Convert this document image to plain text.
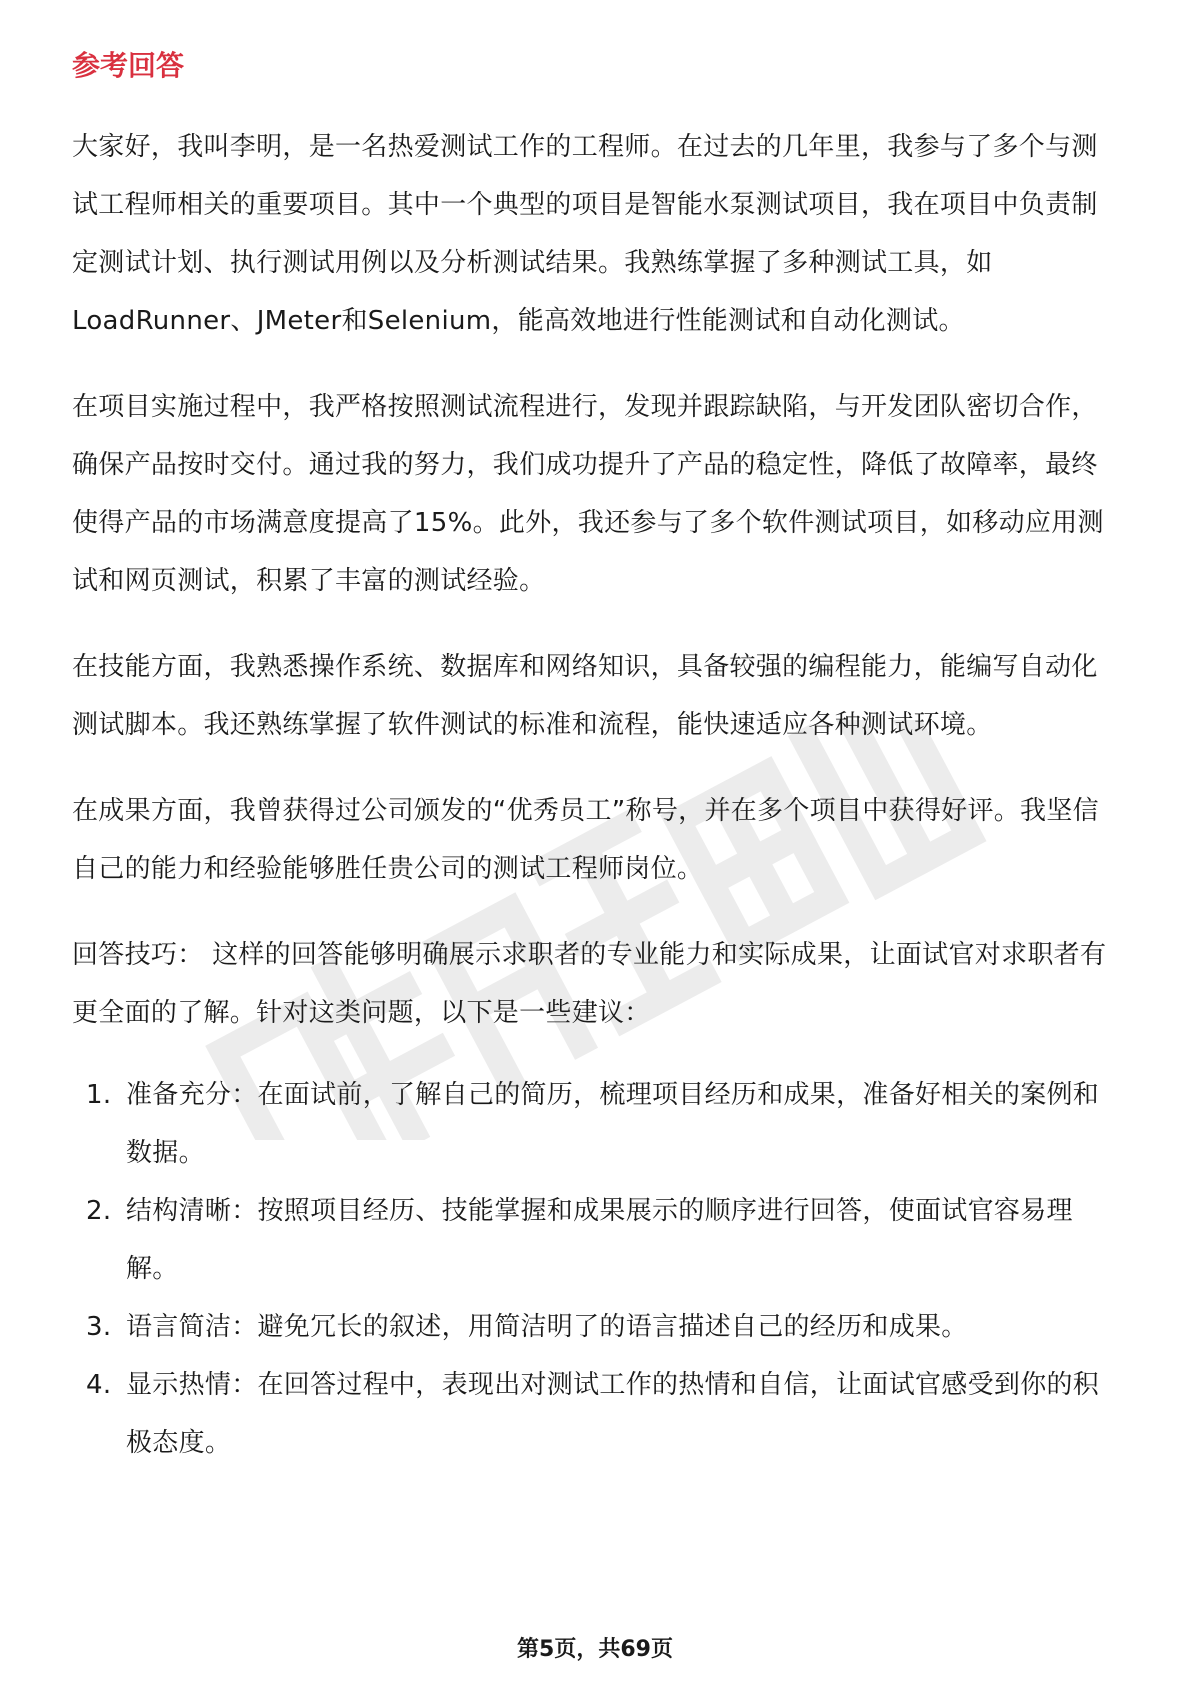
参考回答

大家好，我叫李明，是一名热爱测试工作的工程师。在过去的几年里，我参与了多个与测试工程师相关的重要项目。其中一个典型的项目是智能水泵测试项目，我在项目中负责制定测试计划、执行测试用例以及分析测试结果。我熟练掌握了多种测试工具，如LoadRunner、JMeter和Selenium，能高效地进行性能测试和自动化测试。

在项目实施过程中，我严格按照测试流程进行，发现并跟踪缺陷，与开发团队密切合作，确保产品按时交付。通过我的努力，我们成功提升了产品的稳定性，降低了故障率，最终使得产品的市场满意度提高了15%。此外，我还参与了多个软件测试项目，如移动应用测试和网页测试，积累了丰富的测试经验。

在技能方面，我熟悉操作系统、数据库和网络知识，具备较强的编程能力，能编写自动化测试脚本。我还熟练掌握了软件测试的标准和流程，能快速适应各种测试环境。

在成果方面，我曾获得过公司颁发的“优秀员工”称号，并在多个项目中获得好评。我坚信自己的能力和经验能够胜任贵公司的测试工程师岗位。

回答技巧： 这样的回答能够明确展示求职者的专业能力和实际成果，让面试官对求职者有更全面的了解。针对这类问题，以下是一些建议：

1. 准备充分：在面试前，了解自己的简历，梳理项目经历和成果，准备好相关的案例和数据。
2. 结构清晰：按照项目经历、技能掌握和成果展示的顺序进行回答，使面试官容易理解。
3. 语言简洁：避免冗长的叙述，用简洁明了的语言描述自己的经历和成果。
4. 显示热情：在回答过程中，表现出对测试工作的热情和自信，让面试官感受到你的积极态度。
第5页，共69页
